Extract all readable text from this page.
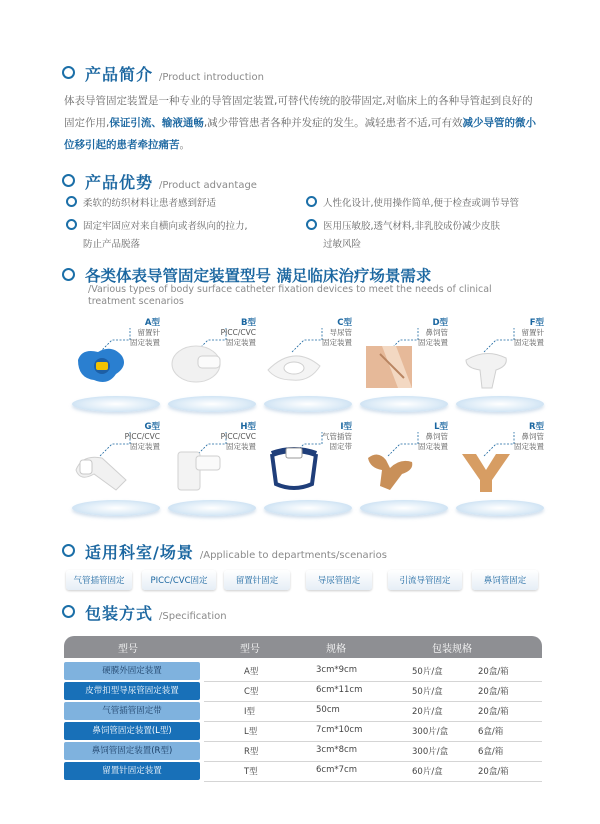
产品简介 /Product introduction
体表导管固定装置是一种专业的导管固定装置,可替代传统的胶带固定,对临床上的各种导管起到良好的固定作用,保证引流、输液通畅,减少带管患者各种并发症的发生。减轻患者不适,可有效减少导管的微小位移引起的患者牵拉痛苦。
产品优势 /Product advantage
柔软的纺织材料让患者感到舒适	人性化设计,使用操作简单,便于检查或调节导管
固定牢固应对来自横向或者纵向的拉力,
防止产品脱落
医用压敏胶,透气材料,非乳胶成份减少皮肤
过敏风险
各类体表导管固定装置型号 满足临床治疗场景需求
/Various types of body surface catheter fixation devices to meet the needs of clinical treatment scenarios
A型
留置针
固定装置
B型
PICC/CVC
固定装置
C型
导尿管
固定装置
D型
鼻饲管
固定装置
F型
留置针
固定装置
G型
PICC/CVC
固定装置
H型
PICC/CVC
固定装置
I型
气管插管
固定带
L型
鼻饲管
固定装置
R型
鼻饲管
固定装置
适用科室/场景 /Applicable to departments/scenarios
气管插管固定	PICC/CVC固定	留置针固定	导尿管固定	引流导管固定	鼻饲管固定
包装方式 /Specification
型号	型号	规格	包装规格
硬膜外固定装置	A型	3cm*9cm	50片/盒	20盒/箱
皮带扣型导尿管固定装置	C型	6cm*11cm	50片/盒	20盒/箱
气管插管固定带	I型	50cm	20片/盒	20盒/箱
鼻饲管固定装置(L型)	L型	7cm*10cm	300片/盒	6盒/箱
鼻饲管固定装置(R型)	R型	3cm*8cm	300片/盒	6盒/箱
留置针固定装置	T型	6cm*7cm	60片/盒	20盒/箱
